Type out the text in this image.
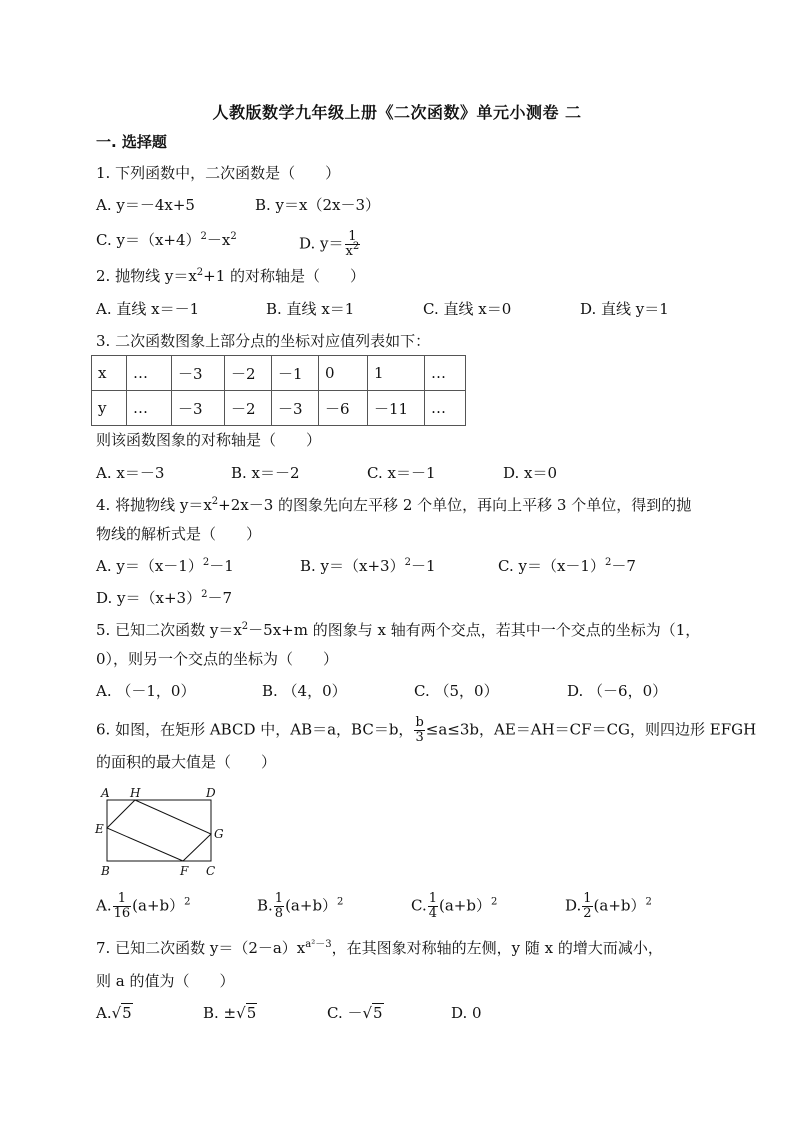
人教版数学九年级上册《二次函数》单元小测卷 二
一. 选择题
1. 下列函数中，二次函数是（　　）
A. y＝－4x+5	B. y＝x（2x－3）
C. $y=(x+4)^2-x^2$	D. $y= \frac{1}{x^2}$
2. 抛物线 $y=x^2+1$ 的对称轴是（　　）
A. 直线 x＝－1	B. 直线 x＝1	C. 直线 x＝0	D. 直线 y＝1
3. 二次函数图象上部分点的坐标对应值列表如下：
x	…	－3	－2	－1	0	1	…
y	…	－3	－2	－3	－6	－11	…
则该函数图象的对称轴是（　　）
A. x＝－3	B. x＝－2	C. x＝－1	D. x＝0
4. 将抛物线 $y=x^2+2x-3$ 的图象先向左平移 2 个单位，再向上平移 3 个单位，得到的抛
物线的解析式是（　　）
A. $y=(x-1)^2-1$	B. $y=(x+3)^2-1$	C. $y=(x-1)^2-7$
D. $y=(x+3)^2-7$
5. 已知二次函数 $y=x^2-5x+m$ 的图象与 x 轴有两个交点，若其中一个交点的坐标为（1，
0），则另一个交点的坐标为（　　）
A. （－1，0）	B. （4，0）	C. （5，0）	D. （－6，0）
6. 如图，在矩形 ABCD 中，AB＝a，BC＝b， $\frac{b}{3} \le a\le 3b$，AE＝AH＝CF＝CG，则四边形 EFGH
的面积的最大值是（　　）
A H	D
E	G
B	F C
A. $\frac{1}{16} (a+b)^2$	B. $\frac{1}{8} (a+b)^2$	C. $\frac{1}{4} (a+b)^2$	D. $\frac{1}{2} (a+b)^2$
7. 已知二次函数 $y=(2-a)x^{a^2-3}$，在其图象对称轴的左侧，y 随 x 的增大而减小，
则 a 的值为（　　）
A.√5	B. ±√5	C. －√5	D. 0
